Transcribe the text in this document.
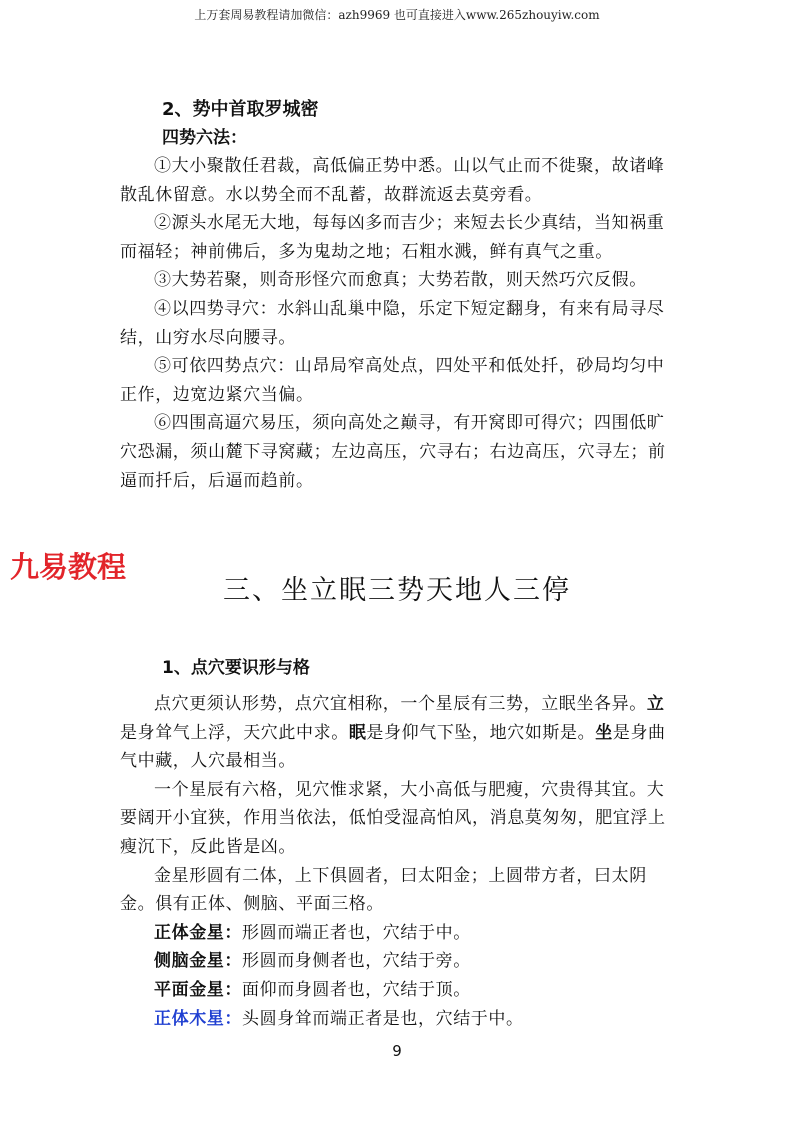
上万套周易教程请加微信：azh9969 也可直接进入www.265zhouyiw.com
2、势中首取罗城密
四势六法：

①大小聚散任君裁，高低偏正势中悉。山以气止而不徙聚，故诸峰散乱休留意。水以势全而不乱蓄，故群流返去莫旁看。

②源头水尾无大地，每每凶多而吉少；来短去长少真结，当知祸重而福轻；神前佛后，多为鬼劫之地；石粗水溅，鲜有真气之重。

③大势若聚，则奇形怪穴而愈真；大势若散，则天然巧穴反假。

④以四势寻穴：水斜山乱巢中隐，乐定下短定翻身，有来有局寻尽结，山穷水尽向腰寻。

⑤可依四势点穴：山昂局窄高处点，四处平和低处扦，砂局均匀中正作，边宽边紧穴当偏。

⑥四围高逼穴易压，须向高处之巅寻，有开窝即可得穴；四围低旷穴恐漏，须山麓下寻窝藏；左边高压，穴寻右；右边高压，穴寻左；前逼而扦后，后逼而趋前。

九易教程
三、坐立眠三势天地人三停
1、点穴要识形与格

点穴更须认形势，点穴宜相称，一个星辰有三势，立眠坐各异。立是身耸气上浮，天穴此中求。眠是身仰气下坠，地穴如斯是。坐是身曲气中藏，人穴最相当。

一个星辰有六格，见穴惟求紧，大小高低与肥瘦，穴贵得其宜。大要阔开小宜狭，作用当依法，低怕受湿高怕风，消息莫匆匆，肥宜浮上瘦沉下，反此皆是凶。

金星形圆有二体，上下俱圆者，曰太阳金；上圆带方者，曰太阴金。俱有正体、侧脑、平面三格。

正体金星：形圆而端正者也，穴结于中。

侧脑金星：形圆而身侧者也，穴结于旁。

平面金星：面仰而身圆者也，穴结于顶。

正体木星：头圆身耸而端正者是也，穴结于中。

9
